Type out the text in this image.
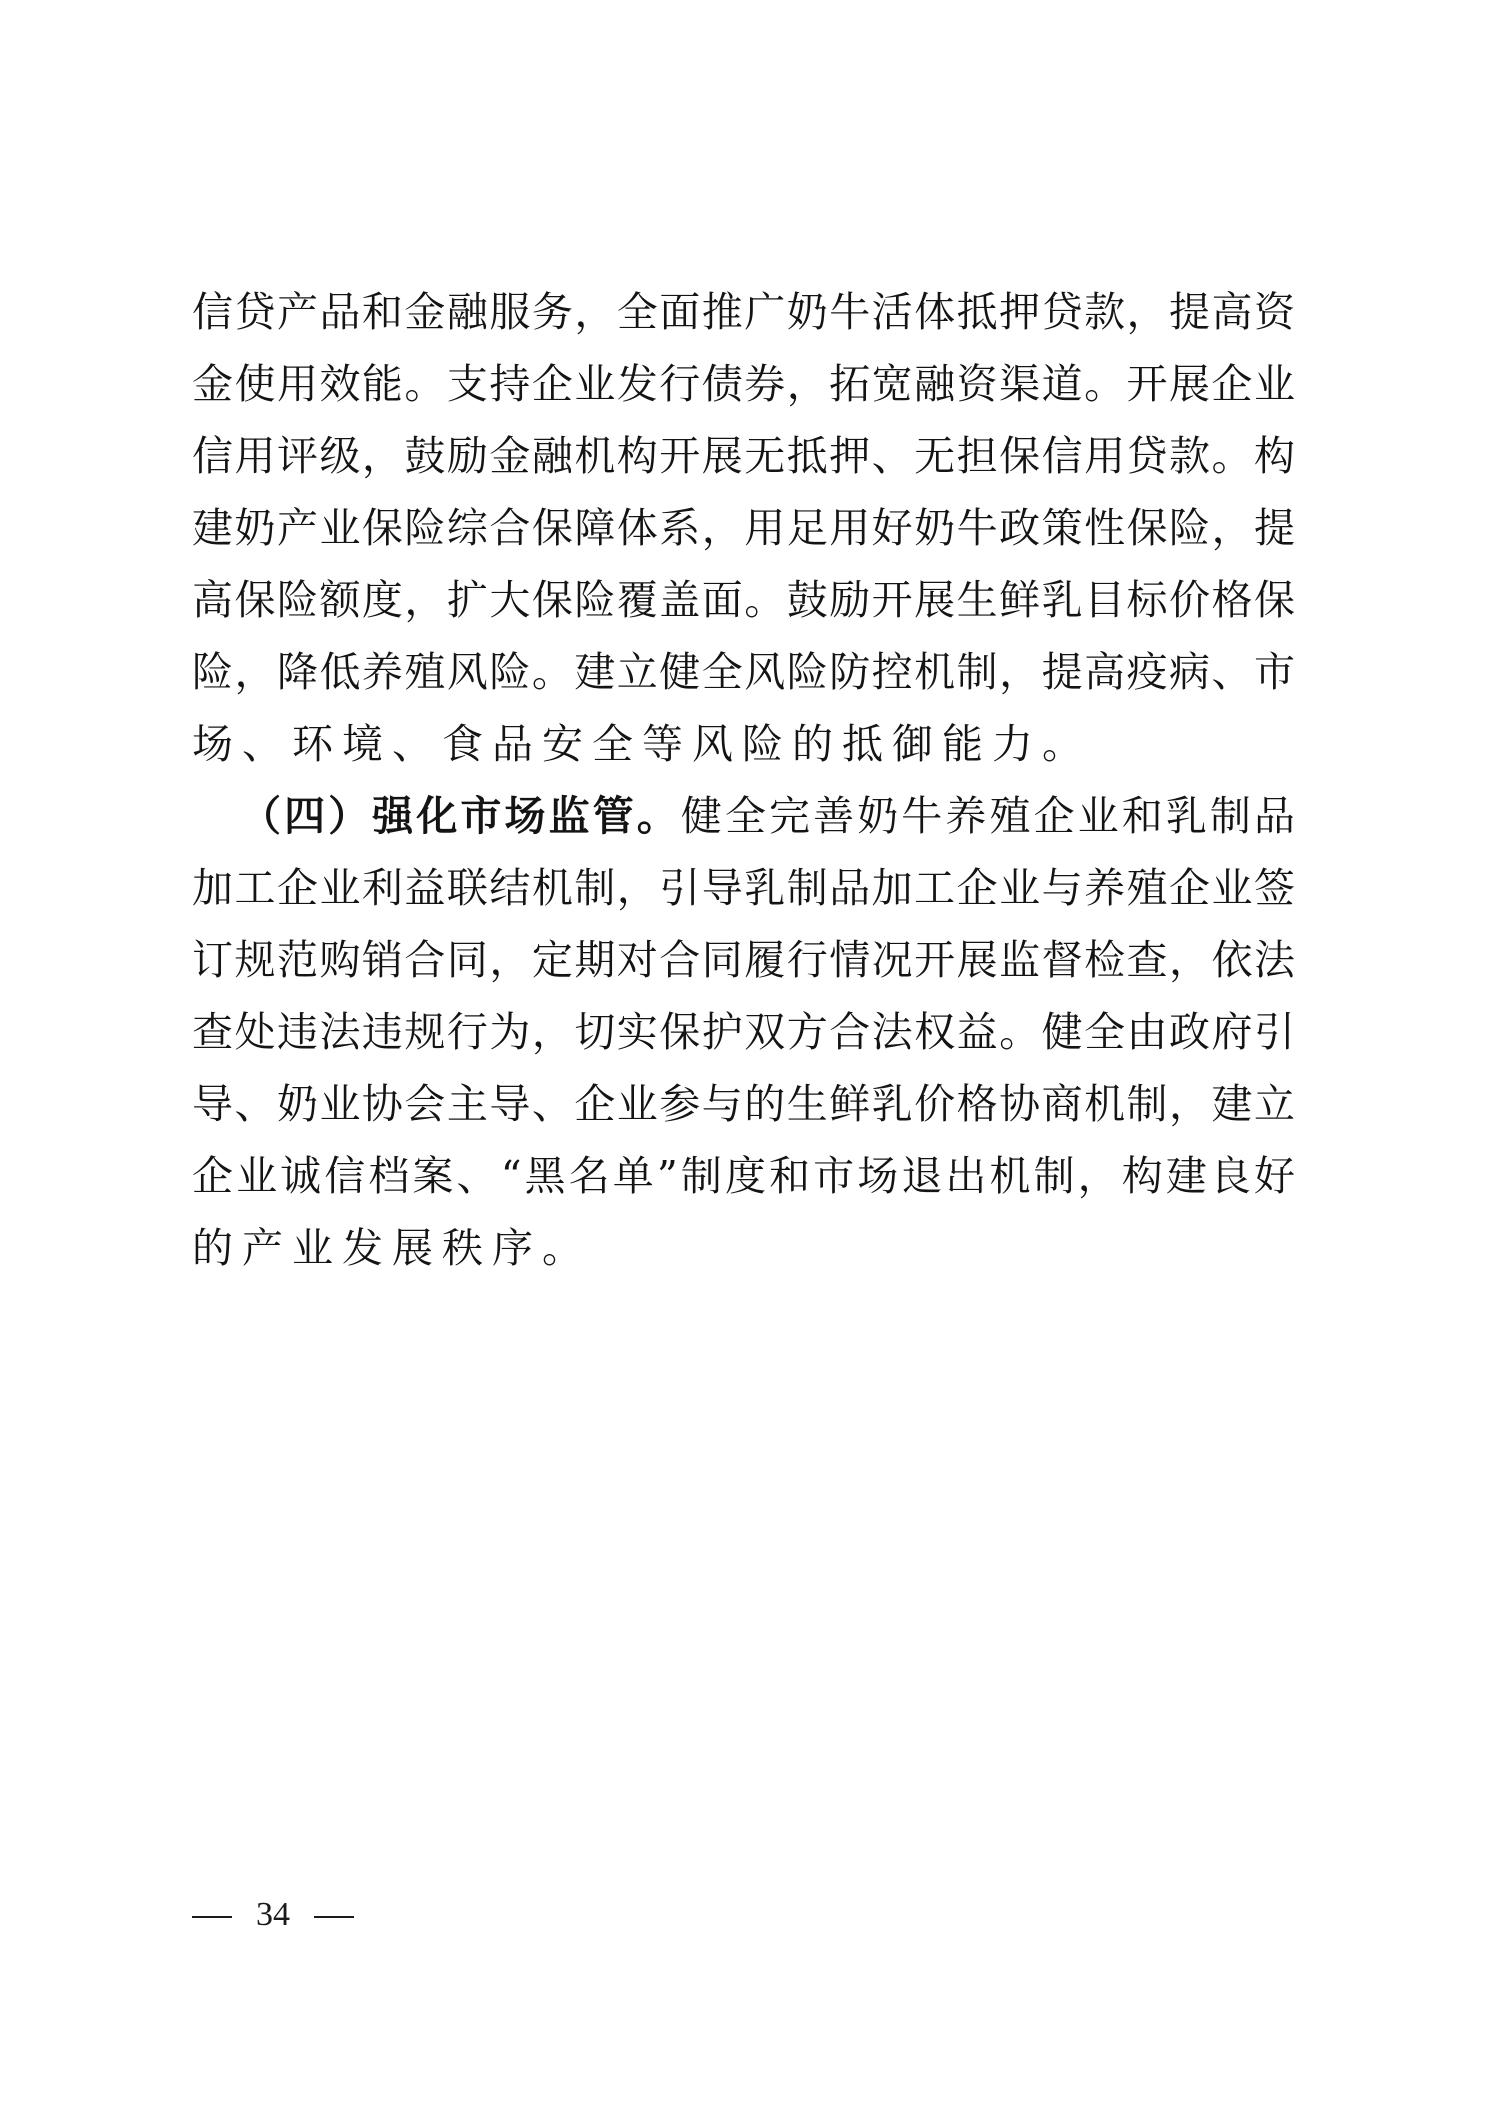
信贷产品和金融服务，全面推广奶牛活体抵押贷款，提高资
金使用效能。支持企业发行债券，拓宽融资渠道。开展企业
信用评级，鼓励金融机构开展无抵押、无担保信用贷款。构
建奶产业保险综合保障体系，用足用好奶牛政策性保险，提
高保险额度，扩大保险覆盖面。鼓励开展生鲜乳目标价格保
险，降低养殖风险。建立健全风险防控机制，提高疫病、市
场、环境、食品安全等风险的抵御能力。
（四）强化市场监管。健全完善奶牛养殖企业和乳制品
加工企业利益联结机制，引导乳制品加工企业与养殖企业签
订规范购销合同，定期对合同履行情况开展监督检查，依法
查处违法违规行为，切实保护双方合法权益。健全由政府引
导、奶业协会主导、企业参与的生鲜乳价格协商机制，建立
企业诚信档案、“黑名单”制度和市场退出机制，构建良好
的产业发展秩序。
34
